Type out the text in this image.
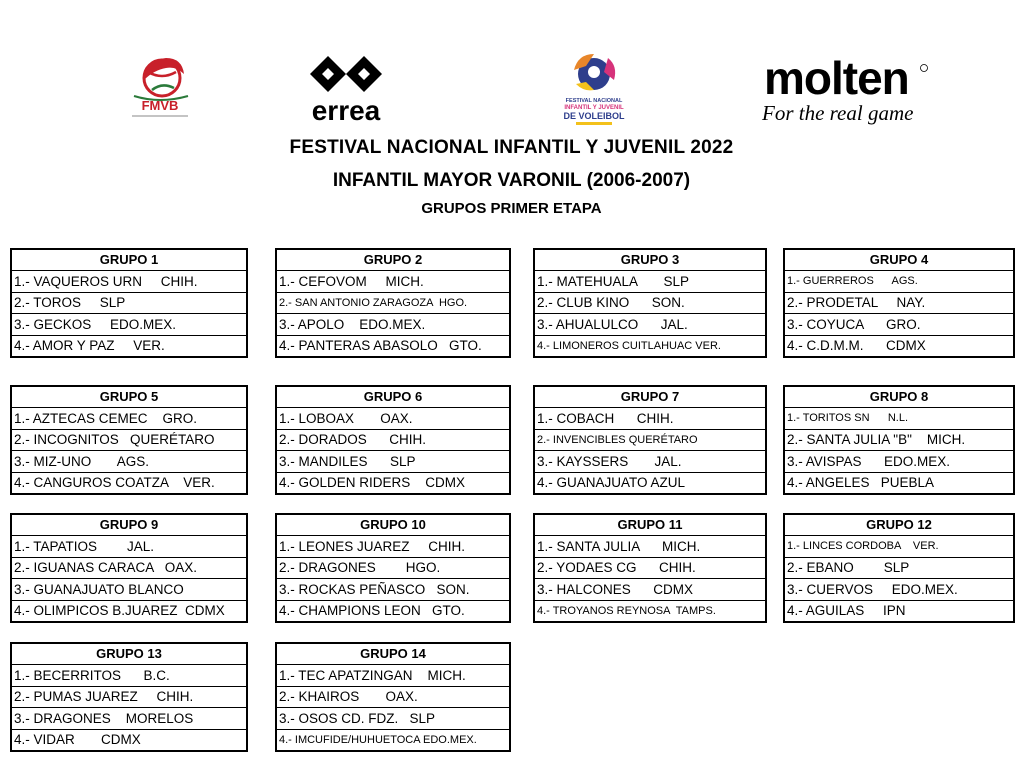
FMVB	errea	FESTIVAL NACIONAL
INFANTIL Y JUVENIL
DE VOLEIBOL
molten
For the real game
FESTIVAL NACIONAL INFANTIL Y JUVENIL 2022
INFANTIL MAYOR VARONIL (2006-2007)
GRUPOS PRIMER ETAPA
GRUPO 1
1.- VAQUEROS URN     CHIH.
2.- TOROS     SLP
3.- GECKOS     EDO.MEX.
4.- AMOR Y PAZ     VER.
GRUPO 2
1.- CEFOVOM     MICH.
2.- SAN ANTONIO ZARAGOZA  HGO.
3.- APOLO    EDO.MEX.
4.- PANTERAS ABASOLO   GTO.
GRUPO 3
1.- MATEHUALA       SLP
2.- CLUB KINO      SON.
3.- AHUALULCO      JAL.
4.- LIMONEROS CUITLAHUAC VER.
GRUPO 4
1.- GUERREROS      AGS.
2.- PRODETAL     NAY.
3.- COYUCA      GRO.
4.- C.D.M.M.      CDMX
GRUPO 5
1.- AZTECAS CEMEC    GRO.
2.- INCOGNITOS   QUERÉTARO
3.- MIZ-UNO       AGS.
4.- CANGUROS COATZA    VER.
GRUPO 6
1.- LOBOAX       OAX.
2.- DORADOS      CHIH.
3.- MANDILES      SLP
4.- GOLDEN RIDERS    CDMX
GRUPO 7
1.- COBACH      CHIH.
2.- INVENCIBLES QUERÉTARO
3.- KAYSSERS       JAL.
4.- GUANAJUATO AZUL
GRUPO 8
1.- TORITOS SN      N.L.
2.- SANTA JULIA "B"    MICH.
3.- AVISPAS      EDO.MEX.
4.- ANGELES   PUEBLA
GRUPO 9
1.- TAPATIOS        JAL.
2.- IGUANAS CARACA   OAX.
3.- GUANAJUATO BLANCO
4.- OLIMPICOS B.JUAREZ  CDMX
GRUPO 10
1.- LEONES JUAREZ     CHIH.
2.- DRAGONES        HGO.
3.- ROCKAS PEÑASCO   SON.
4.- CHAMPIONS LEON   GTO.
GRUPO 11
1.- SANTA JULIA      MICH.
2.- YODAES CG      CHIH.
3.- HALCONES      CDMX
4.- TROYANOS REYNOSA  TAMPS.
GRUPO 12
1.- LINCES CORDOBA    VER.
2.- EBANO        SLP
3.- CUERVOS     EDO.MEX.
4.- AGUILAS     IPN
GRUPO 13
1.- BECERRITOS      B.C.
2.- PUMAS JUAREZ     CHIH.
3.- DRAGONES    MORELOS
4.- VIDAR       CDMX
GRUPO 14
1.- TEC APATZINGAN    MICH.
2.- KHAIROS       OAX.
3.- OSOS CD. FDZ.   SLP
4.- IMCUFIDE/HUHUETOCA EDO.MEX.
